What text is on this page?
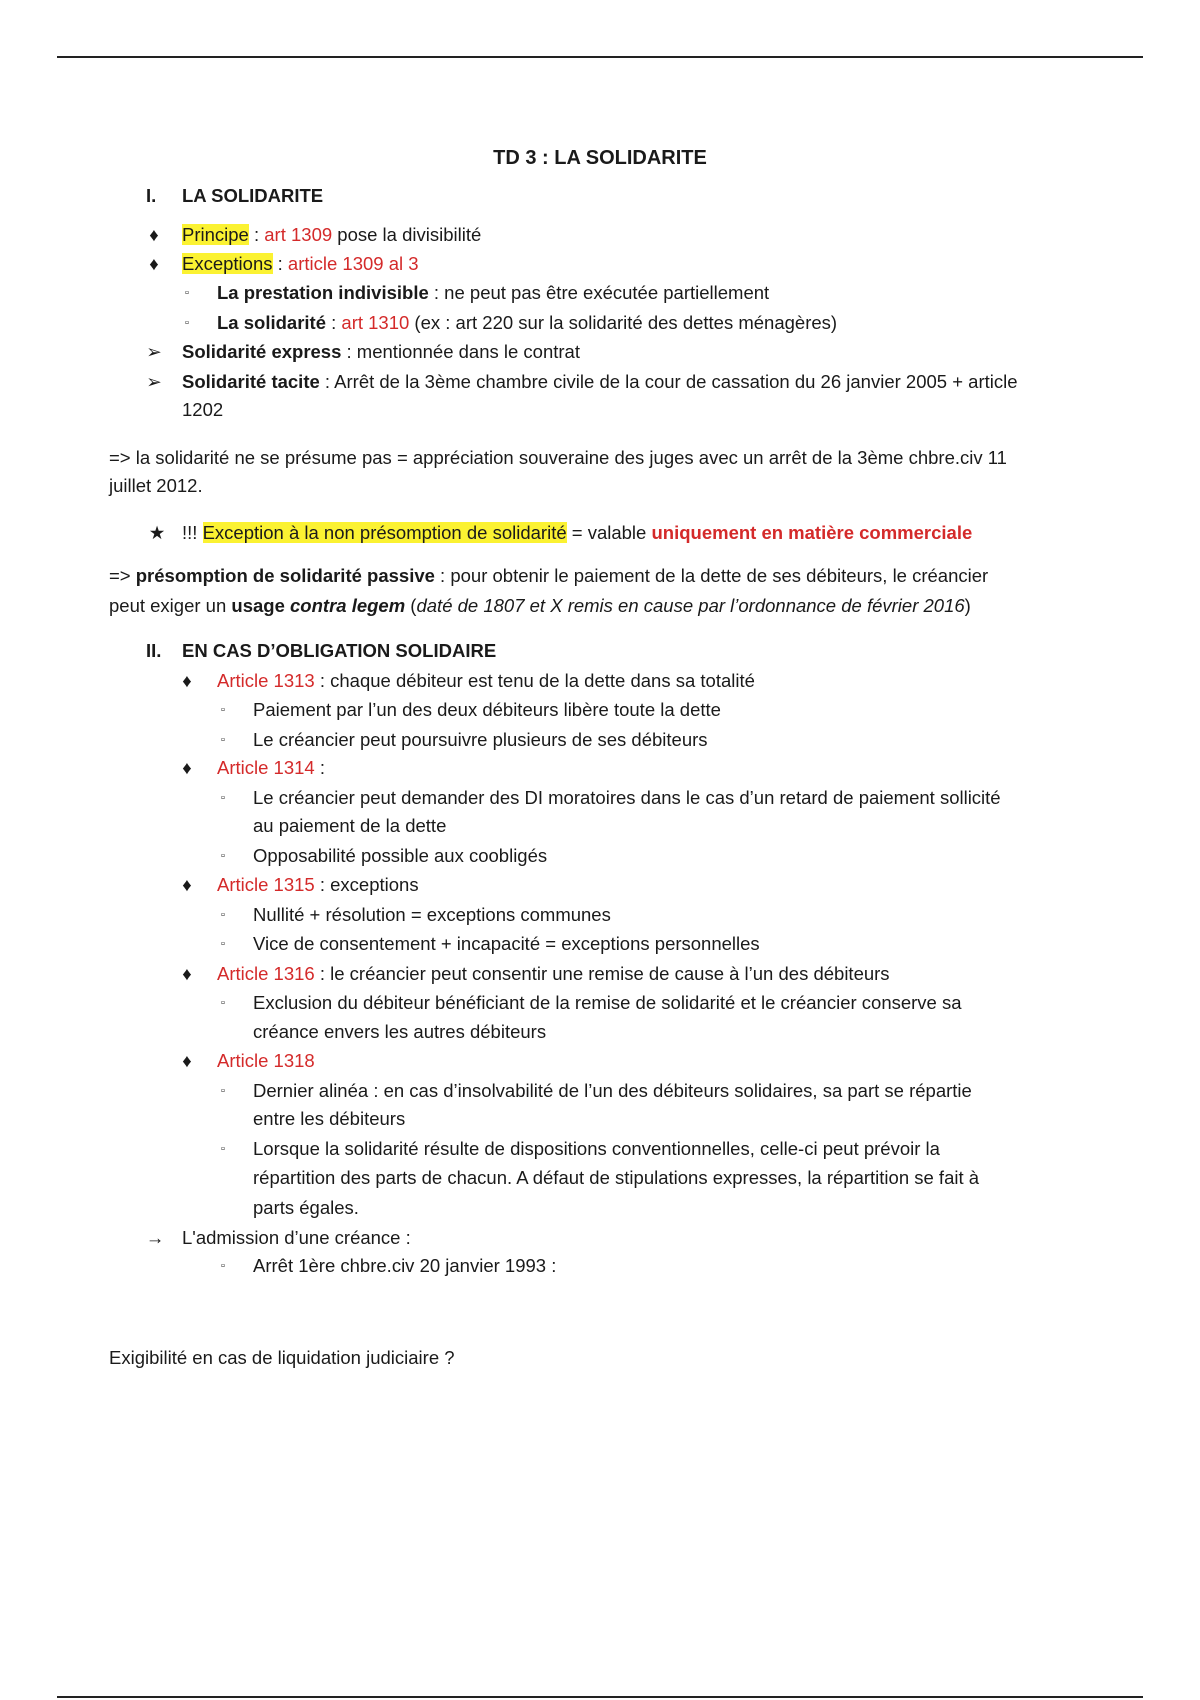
TD 3 : LA SOLIDARITE
I. LA SOLIDARITE
♦	Principe : art 1309 pose la divisibilité
♦	Exceptions : article 1309 al 3
▫	La prestation indivisible : ne peut pas être exécutée partiellement
▫	La solidarité : art 1310 (ex : art 220 sur la solidarité des dettes ménagères)
➢ Solidarité express : mentionnée dans le contrat
➢ Solidarité tacite : Arrêt de la 3ème chambre civile de la cour de cassation du 26 janvier 2005 + article
1202
=> la solidarité ne se présume pas = appréciation souveraine des juges avec un arrêt de la 3ème chbre.civ 11
juillet 2012.
★ !!! Exception à la non présomption de solidarité = valable uniquement en matière commerciale
=> présomption de solidarité passive : pour obtenir le paiement de la dette de ses débiteurs, le créancier
peut exiger un usage contra legem (daté de 1807 et X remis en cause par l’ordonnance de février 2016)
II. EN CAS D’OBLIGATION SOLIDAIRE
♦	Article 1313 : chaque débiteur est tenu de la dette dans sa totalité
▫	Paiement par l’un des deux débiteurs libère toute la dette
▫	Le créancier peut poursuivre plusieurs de ses débiteurs
♦	Article 1314 :
▫	Le créancier peut demander des DI moratoires dans le cas d’un retard de paiement sollicité
au paiement de la dette
▫	Opposabilité possible aux coobligés
♦	Article 1315 : exceptions
▫	Nullité + résolution = exceptions communes
▫	Vice de consentement + incapacité = exceptions personnelles
♦	Article 1316 : le créancier peut consentir une remise de cause à l’un des débiteurs
▫	Exclusion du débiteur bénéficiant de la remise de solidarité et le créancier conserve sa
créance envers les autres débiteurs
♦	Article 1318
▫	Dernier alinéa : en cas d’insolvabilité de l’un des débiteurs solidaires, sa part se répartie
entre les débiteurs
▫	Lorsque la solidarité résulte de dispositions conventionnelles, celle-ci peut prévoir la
répartition des parts de chacun. A défaut de stipulations expresses, la répartition se fait à
parts égales.
→ L'admission d’une créance :
▫	Arrêt 1ère chbre.civ 20 janvier 1993 :
Exigibilité en cas de liquidation judiciaire ?
